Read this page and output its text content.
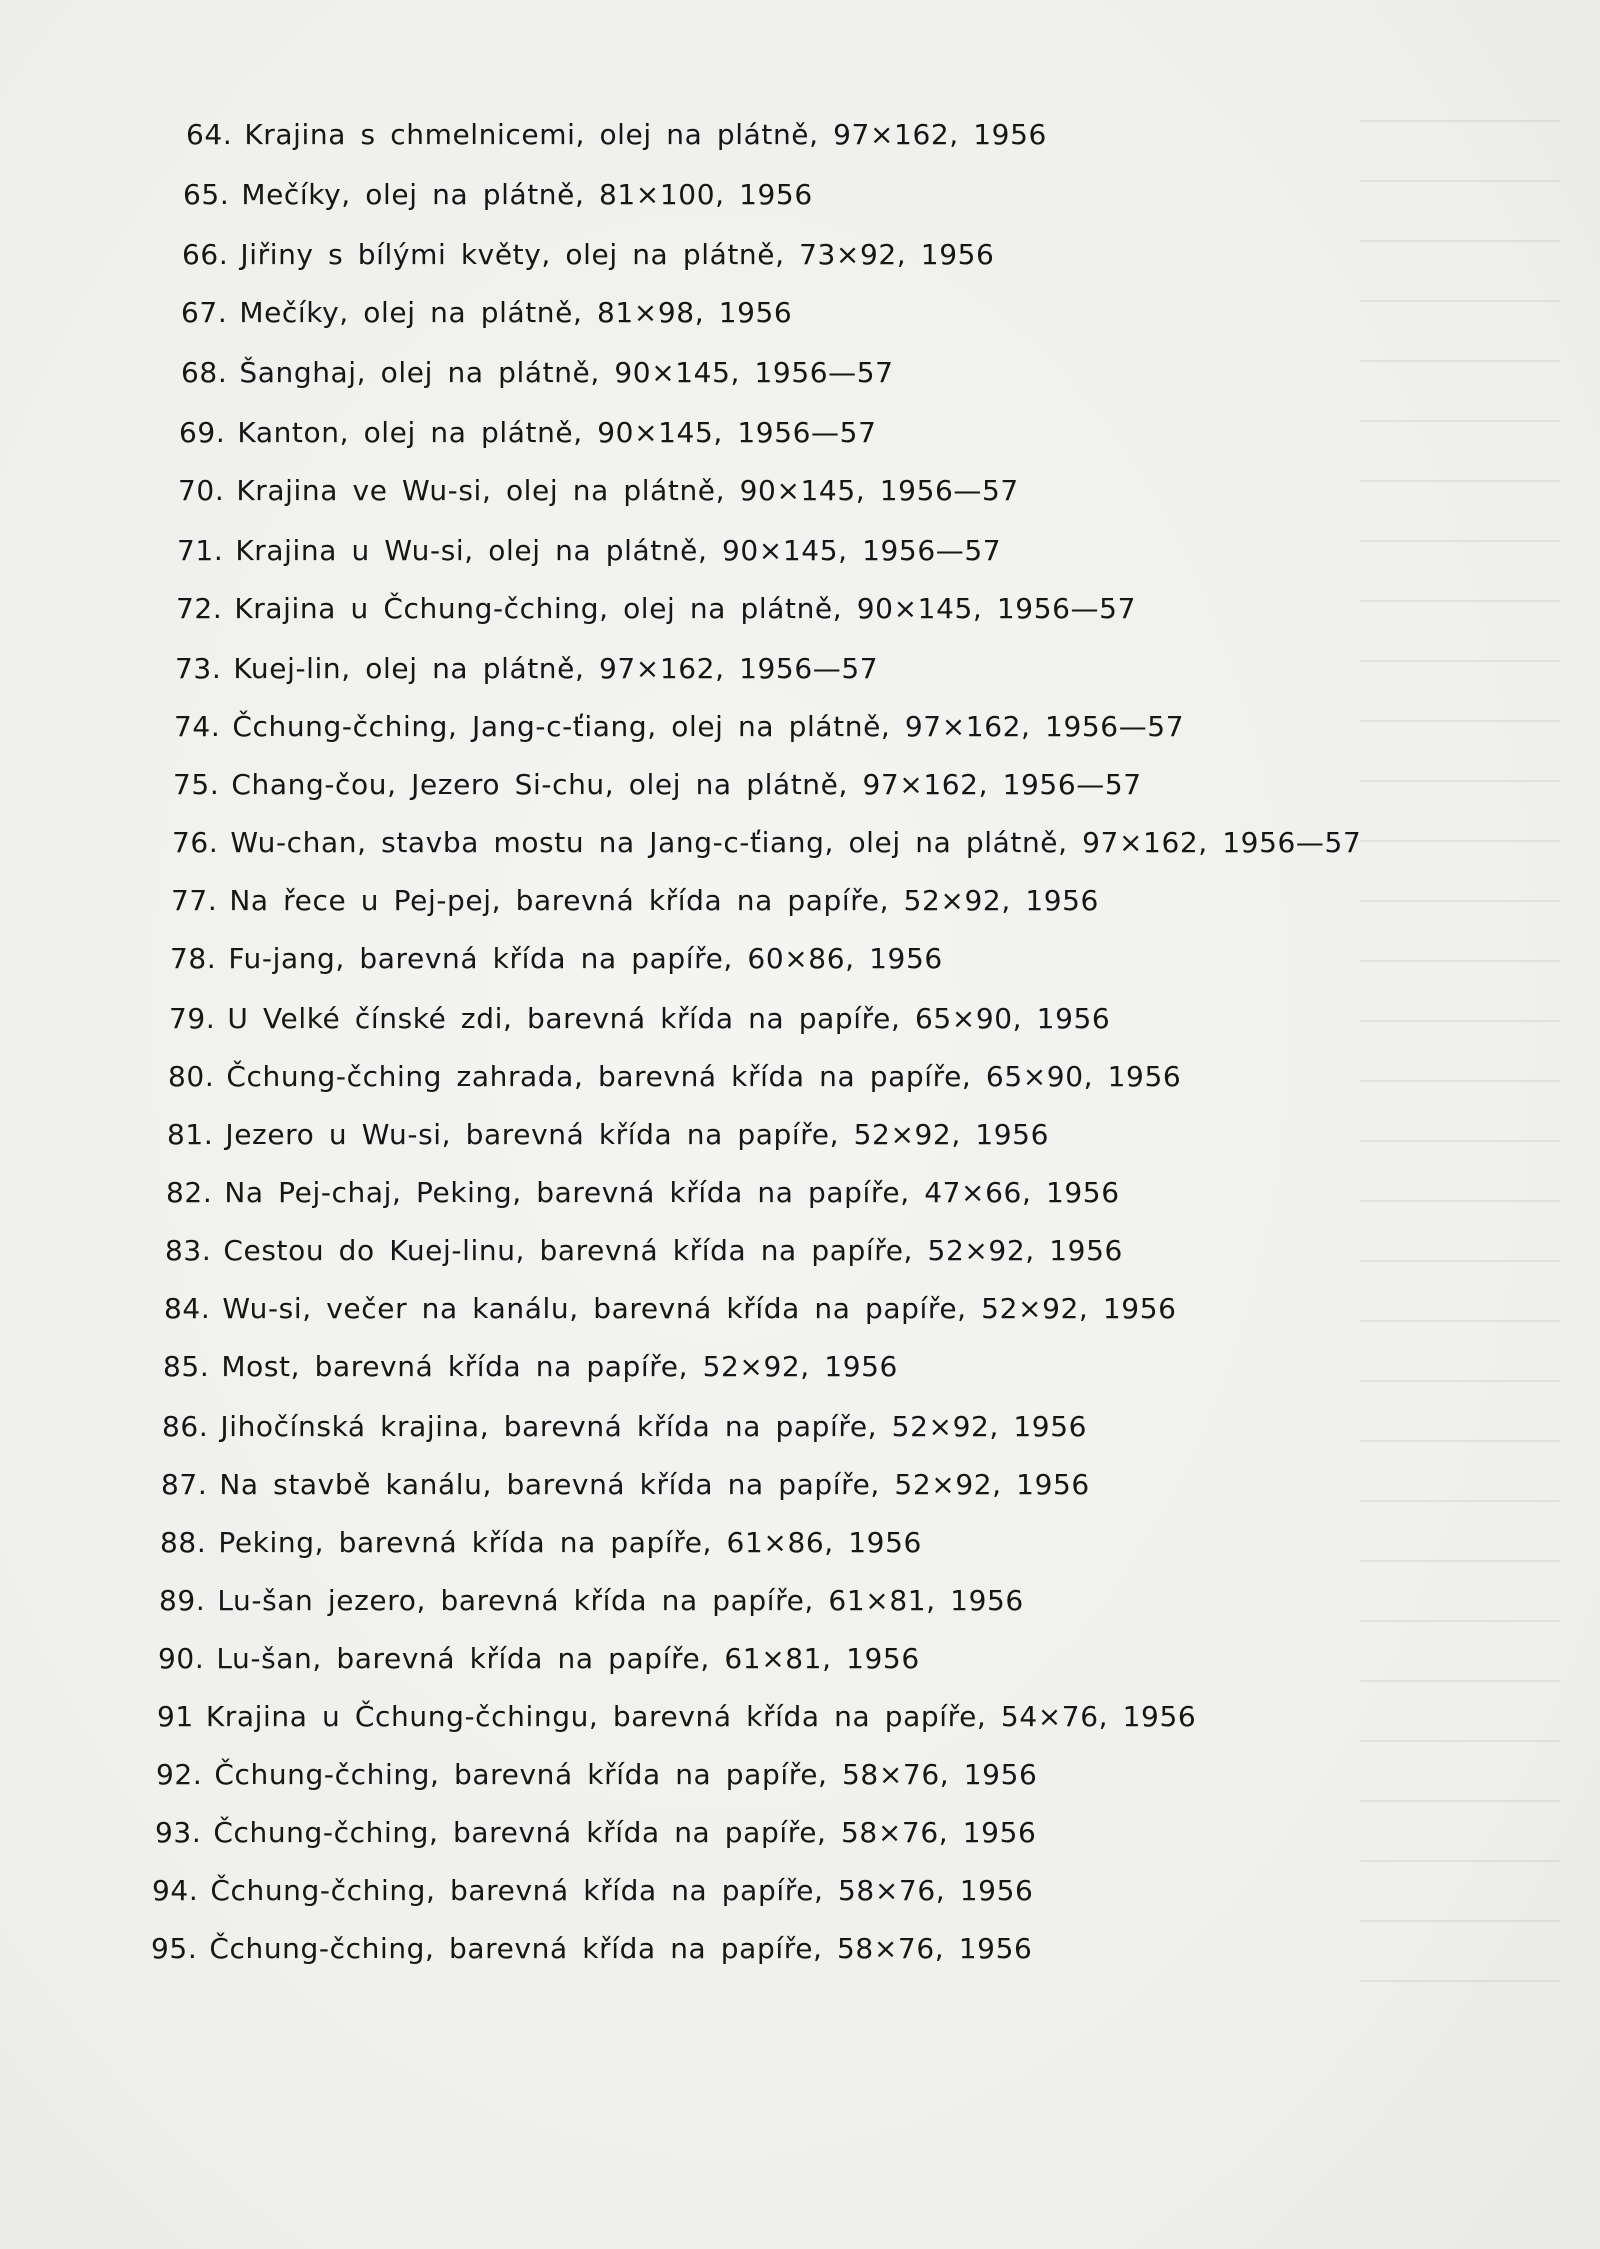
64. Krajina s chmelnicemi, olej na plátně, 97×162, 1956
65. Mečíky, olej na plátně, 81×100, 1956
66. Jiřiny s bílými květy, olej na plátně, 73×92, 1956
67. Mečíky, olej na plátně, 81×98, 1956
68. Šanghaj, olej na plátně, 90×145, 1956—57
69. Kanton, olej na plátně, 90×145, 1956—57
70. Krajina ve Wu-si, olej na plátně, 90×145, 1956—57
71. Krajina u Wu-si, olej na plátně, 90×145, 1956—57
72. Krajina u Čchung-čching, olej na plátně, 90×145, 1956—57
73. Kuej-lin, olej na plátně, 97×162, 1956—57
74. Čchung-čching, Jang-c-ťiang, olej na plátně, 97×162, 1956—57
75. Chang-čou, Jezero Si-chu, olej na plátně, 97×162, 1956—57
76. Wu-chan, stavba mostu na Jang-c-ťiang, olej na plátně, 97×162, 1956—57
77. Na řece u Pej-pej, barevná křída na papíře, 52×92, 1956
78. Fu-jang, barevná křída na papíře, 60×86, 1956
79. U Velké čínské zdi, barevná křída na papíře, 65×90, 1956
80. Čchung-čching zahrada, barevná křída na papíře, 65×90, 1956
81. Jezero u Wu-si, barevná křída na papíře, 52×92, 1956
82. Na Pej-chaj, Peking, barevná křída na papíře, 47×66, 1956
83. Cestou do Kuej-linu, barevná křída na papíře, 52×92, 1956
84. Wu-si, večer na kanálu, barevná křída na papíře, 52×92, 1956
85. Most, barevná křída na papíře, 52×92, 1956
86. Jihočínská krajina, barevná křída na papíře, 52×92, 1956
87. Na stavbě kanálu, barevná křída na papíře, 52×92, 1956
88. Peking, barevná křída na papíře, 61×86, 1956
89. Lu-šan jezero, barevná křída na papíře, 61×81, 1956
90. Lu-šan, barevná křída na papíře, 61×81, 1956
91 Krajina u Čchung-čchingu, barevná křída na papíře, 54×76, 1956
92. Čchung-čching, barevná křída na papíře, 58×76, 1956
93. Čchung-čching, barevná křída na papíře, 58×76, 1956
94. Čchung-čching, barevná křída na papíře, 58×76, 1956
95. Čchung-čching, barevná křída na papíře, 58×76, 1956
